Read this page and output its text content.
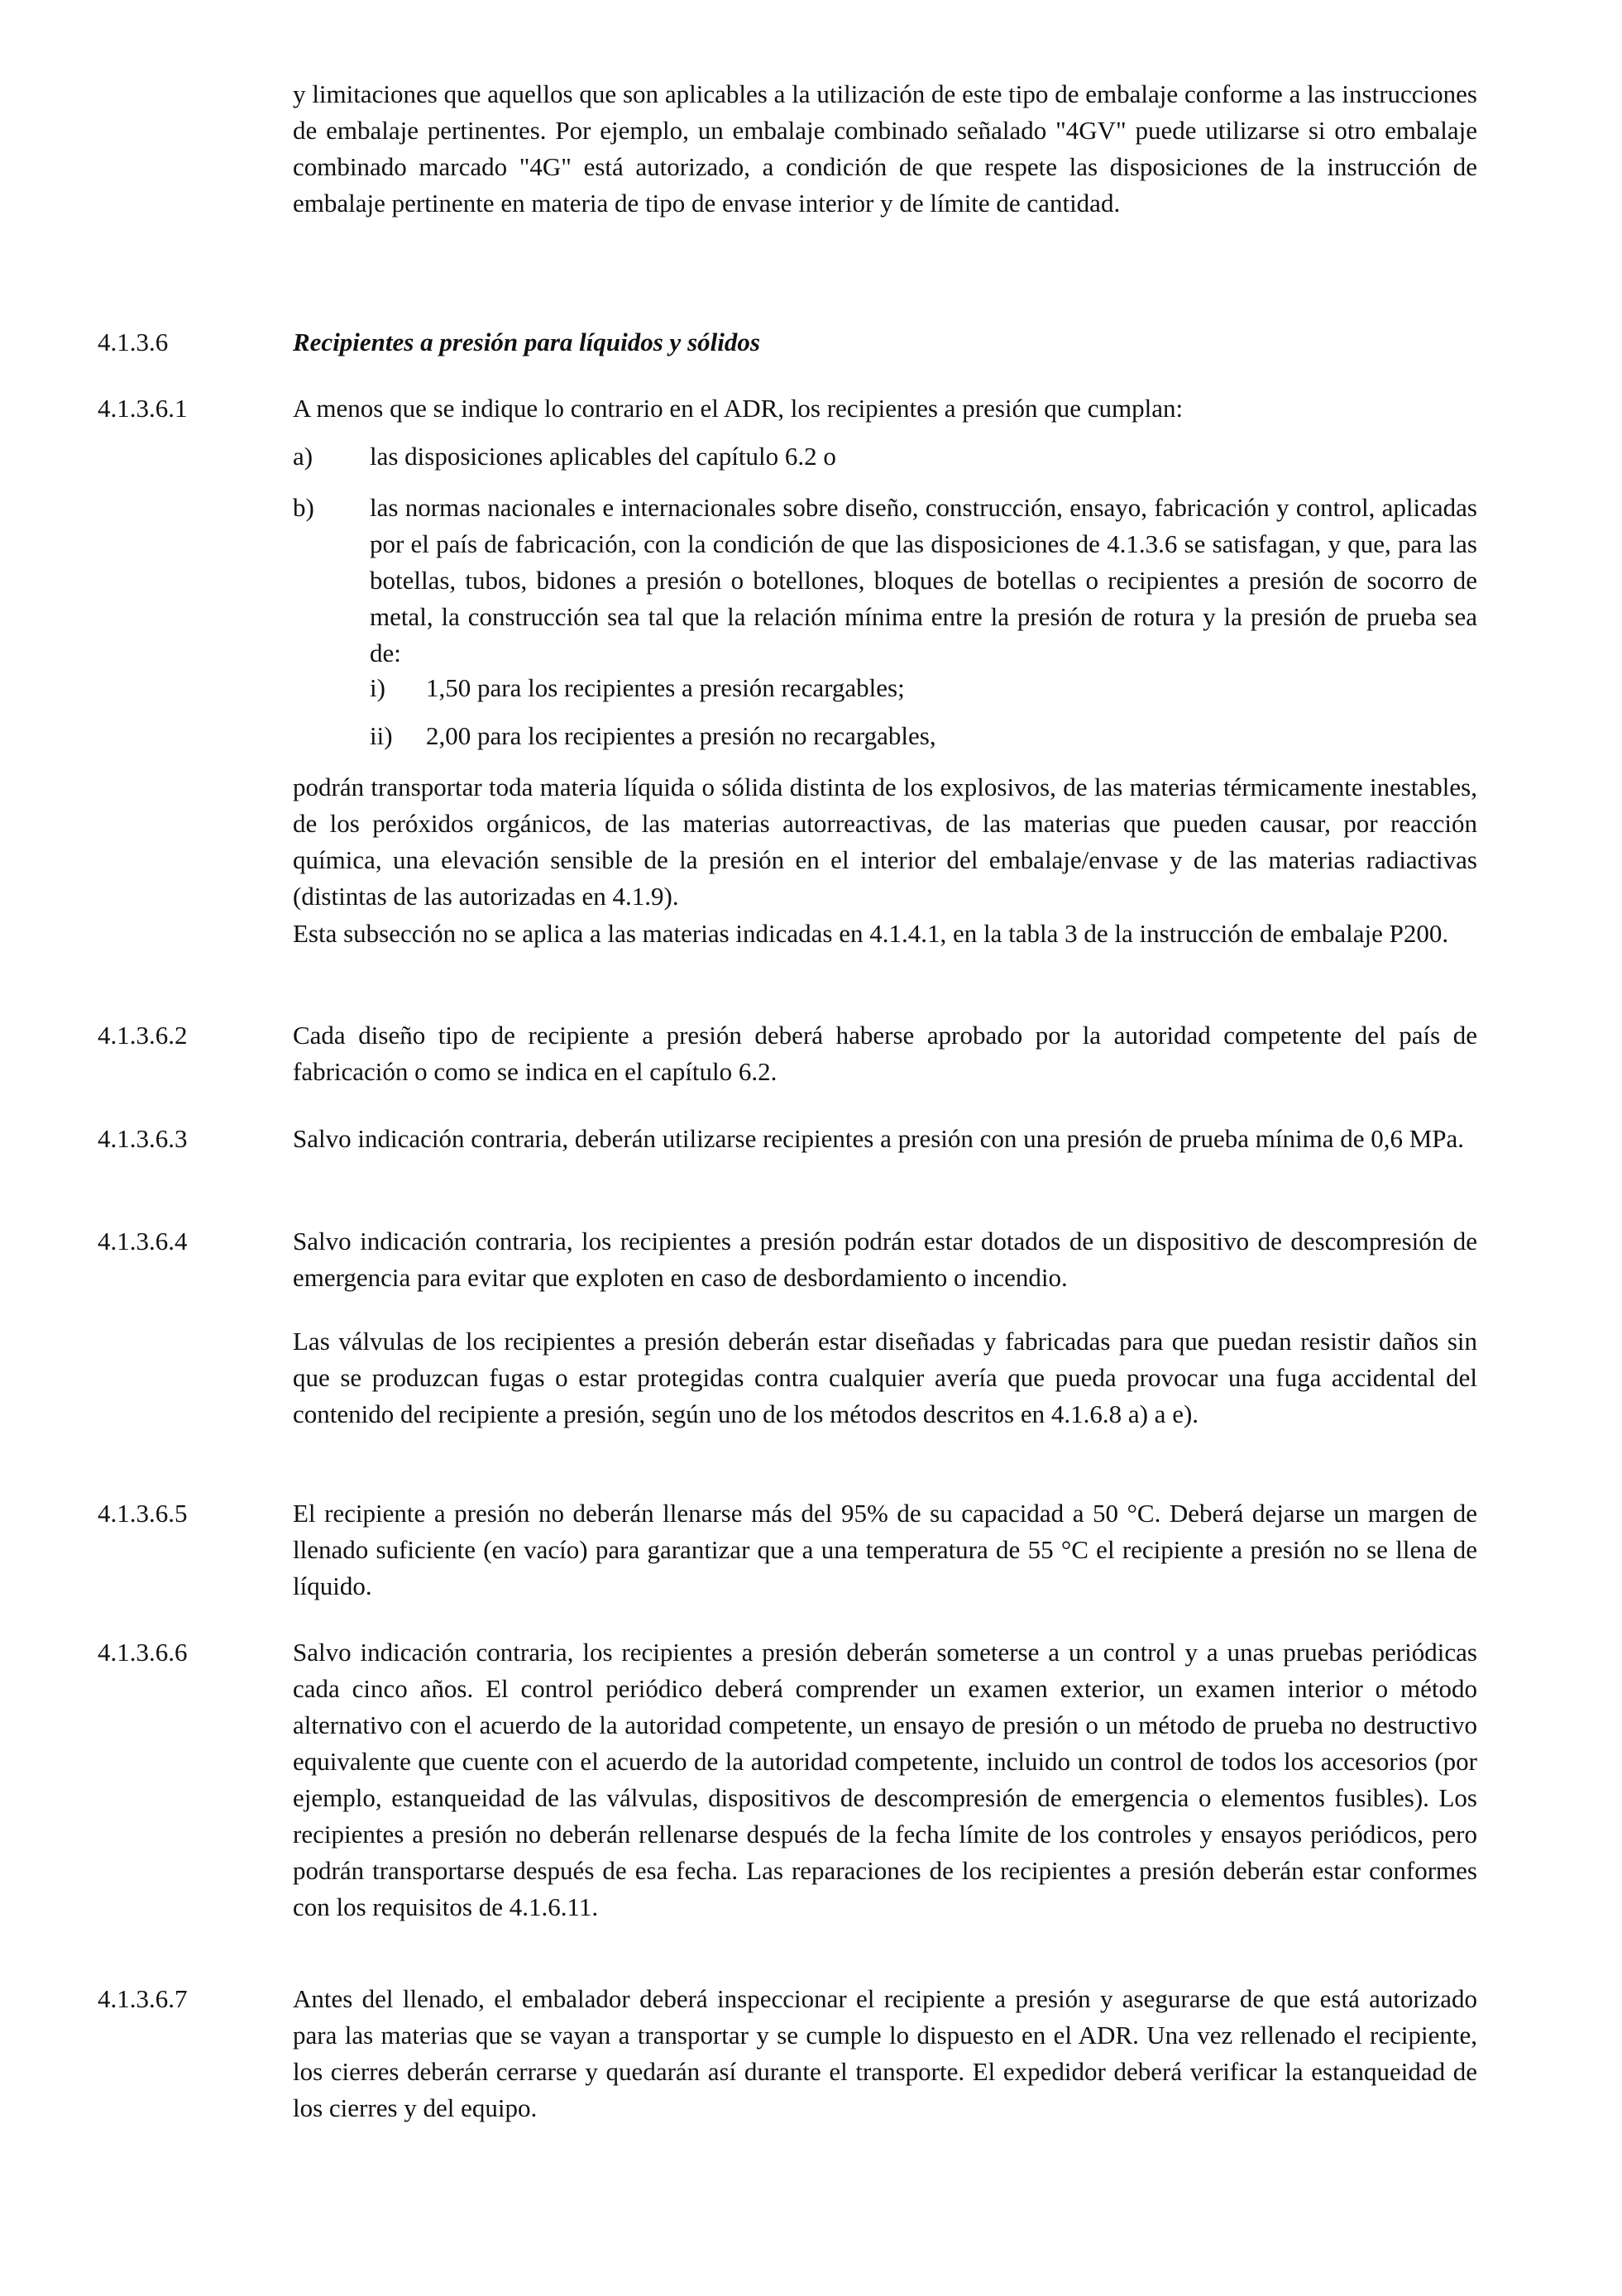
y limitaciones que aquellos que son aplicables a la utilización de este tipo de embalaje conforme a las instrucciones de embalaje pertinentes. Por ejemplo, un embalaje combinado señalado "4GV" puede utilizarse si otro embalaje combinado marcado "4G" está autorizado, a condición de que respete las disposiciones de la instrucción de embalaje pertinente en materia de tipo de envase interior y de límite de cantidad.

4.1.3.6	Recipientes a presión para líquidos y sólidos
4.1.3.6.1	A menos que se indique lo contrario en el ADR, los recipientes a presión que cumplan:

a) las disposiciones aplicables del capítulo 6.2 o

b) las normas nacionales e internacionales sobre diseño, construcción, ensayo, fabricación y control, aplicadas por el país de fabricación, con la condición de que las disposiciones de 4.1.3.6 se satisfagan, y que, para las botellas, tubos, bidones a presión o botellones, bloques de botellas o recipientes a presión de socorro de metal, la construcción sea tal que la relación mínima entre la presión de rotura y la presión de prueba sea de:

i) 1,50 para los recipientes a presión recargables;

ii) 2,00 para los recipientes a presión no recargables,

podrán transportar toda materia líquida o sólida distinta de los explosivos, de las materias térmicamente inestables, de los peróxidos orgánicos, de las materias autorreactivas, de las materias que pueden causar, por reacción química, una elevación sensible de la presión en el interior del embalaje/envase y de las materias radiactivas (distintas de las autorizadas en 4.1.9).

Esta subsección no se aplica a las materias indicadas en 4.1.4.1, en la tabla 3 de la instrucción de embalaje P200.

4.1.3.6.2	Cada diseño tipo de recipiente a presión deberá haberse aprobado por la autoridad competente del país de fabricación o como se indica en el capítulo 6.2.

4.1.3.6.3	Salvo indicación contraria, deberán utilizarse recipientes a presión con una presión de prueba mínima de 0,6 MPa.

4.1.3.6.4	Salvo indicación contraria, los recipientes a presión podrán estar dotados de un dispositivo de descompresión de emergencia para evitar que exploten en caso de desbordamiento o incendio.

Las válvulas de los recipientes a presión deberán estar diseñadas y fabricadas para que puedan resistir daños sin que se produzcan fugas o estar protegidas contra cualquier avería que pueda provocar una fuga accidental del contenido del recipiente a presión, según uno de los métodos descritos en 4.1.6.8 a) a e).

4.1.3.6.5	El recipiente a presión no deberán llenarse más del 95% de su capacidad a 50 °C. Deberá dejarse un margen de llenado suficiente (en vacío) para garantizar que a una temperatura de 55 °C el recipiente a presión no se llena de líquido.

4.1.3.6.6	Salvo indicación contraria, los recipientes a presión deberán someterse a un control y a unas pruebas periódicas cada cinco años. El control periódico deberá comprender un examen exterior, un examen interior o método alternativo con el acuerdo de la autoridad competente, un ensayo de presión o un método de prueba no destructivo equivalente que cuente con el acuerdo de la autoridad competente, incluido un control de todos los accesorios (por ejemplo, estanqueidad de las válvulas, dispositivos de descompresión de emergencia o elementos fusibles). Los recipientes a presión no deberán rellenarse después de la fecha límite de los controles y ensayos periódicos, pero podrán transportarse después de esa fecha. Las reparaciones de los recipientes a presión deberán estar conformes con los requisitos de 4.1.6.11.

4.1.3.6.7	Antes del llenado, el embalador deberá inspeccionar el recipiente a presión y asegurarse de que está autorizado para las materias que se vayan a transportar y se cumple lo dispuesto en el ADR. Una vez rellenado el recipiente, los cierres deberán cerrarse y quedarán así durante el transporte. El expedidor deberá verificar la estanqueidad de los cierres y del equipo.
